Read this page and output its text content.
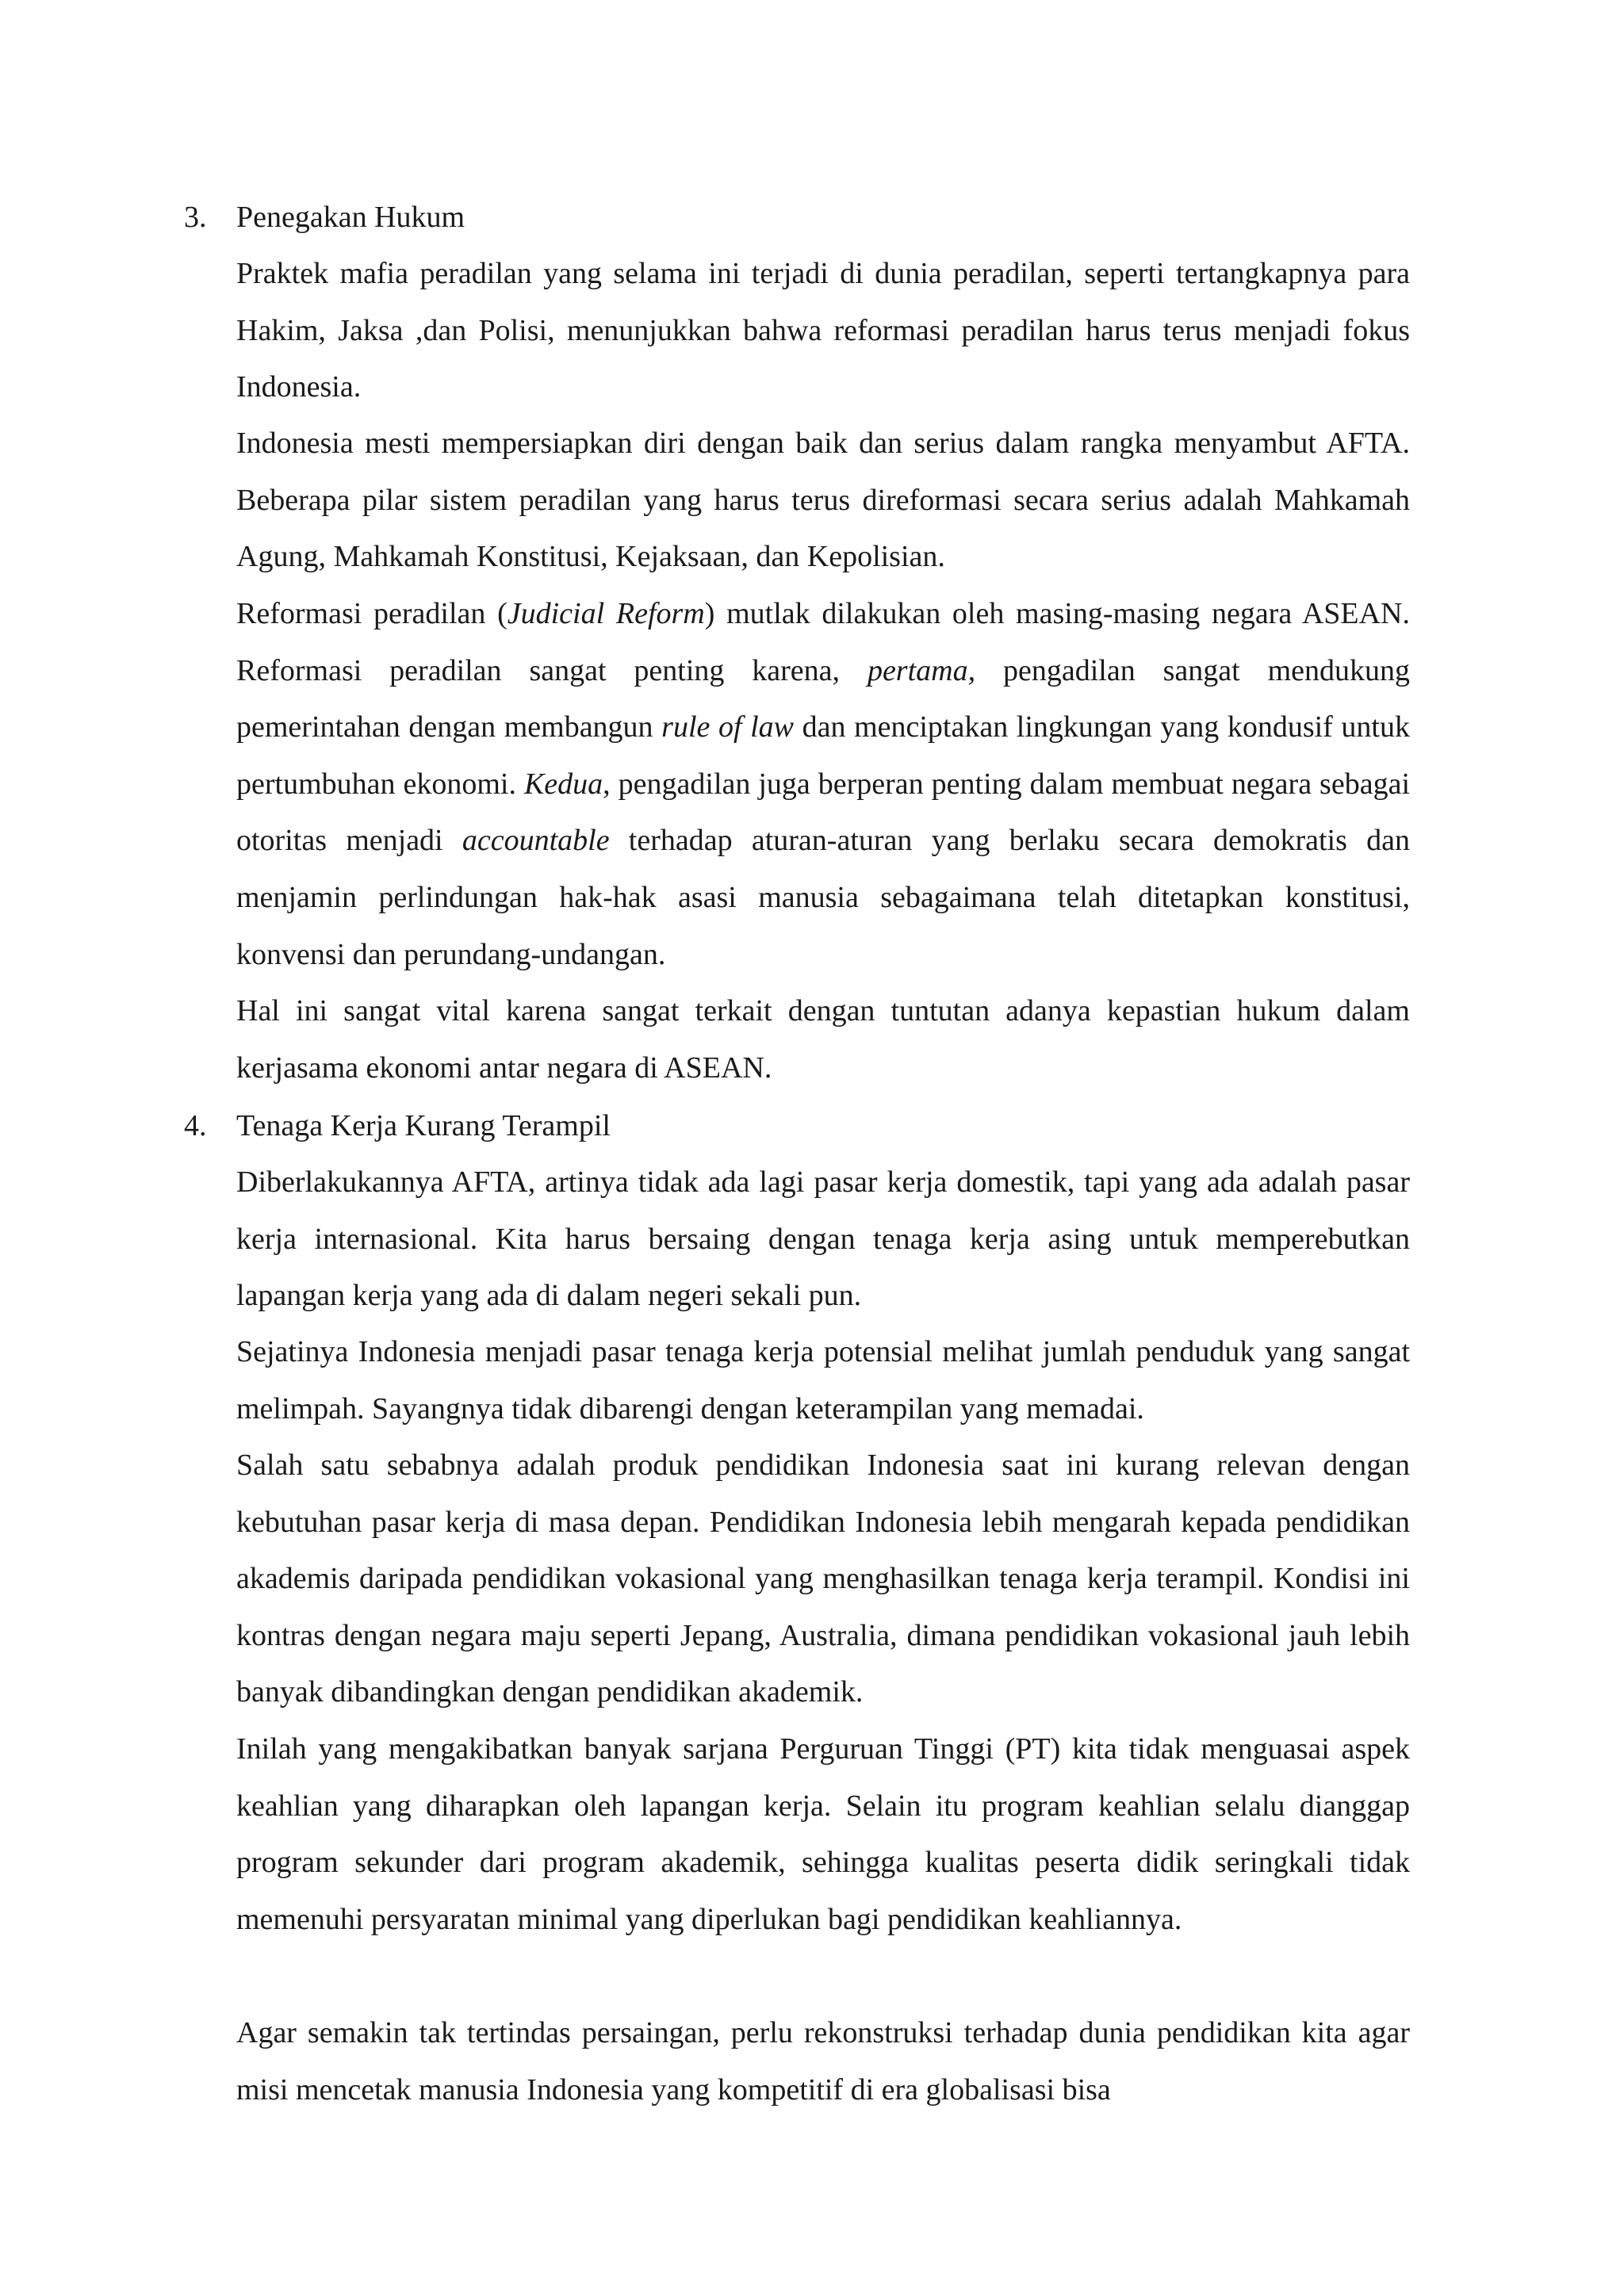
3. Penegakan Hukum

Praktek mafia peradilan yang selama ini terjadi di dunia peradilan, seperti tertangkapnya para Hakim, Jaksa ,dan Polisi, menunjukkan bahwa reformasi peradilan harus terus menjadi fokus Indonesia.

Indonesia mesti mempersiapkan diri dengan baik dan serius dalam rangka menyambut AFTA. Beberapa pilar sistem peradilan yang harus terus direformasi secara serius adalah Mahkamah Agung, Mahkamah Konstitusi, Kejaksaan, dan Kepolisian.

Reformasi peradilan (Judicial Reform) mutlak dilakukan oleh masing-masing negara ASEAN. Reformasi peradilan sangat penting karena, pertama, pengadilan sangat mendukung pemerintahan dengan membangun rule of law dan menciptakan lingkungan yang kondusif untuk pertumbuhan ekonomi. Kedua, pengadilan juga berperan penting dalam membuat negara sebagai otoritas menjadi accountable terhadap aturan-aturan yang berlaku secara demokratis dan menjamin perlindungan hak-hak asasi manusia sebagaimana telah ditetapkan konstitusi, konvensi dan perundang-undangan.

Hal ini sangat vital karena sangat terkait dengan tuntutan adanya kepastian hukum dalam kerjasama ekonomi antar negara di ASEAN.

4. Tenaga Kerja Kurang Terampil

Diberlakukannya AFTA, artinya tidak ada lagi pasar kerja domestik, tapi yang ada adalah pasar kerja internasional. Kita harus bersaing dengan tenaga kerja asing untuk memperebutkan lapangan kerja yang ada di dalam negeri sekali pun.

Sejatinya Indonesia menjadi pasar tenaga kerja potensial melihat jumlah penduduk yang sangat melimpah. Sayangnya tidak dibarengi dengan keterampilan yang memadai.

Salah satu sebabnya adalah produk pendidikan Indonesia saat ini kurang relevan dengan kebutuhan pasar kerja di masa depan. Pendidikan Indonesia lebih mengarah kepada pendidikan akademis daripada pendidikan vokasional yang menghasilkan tenaga kerja terampil. Kondisi ini kontras dengan negara maju seperti Jepang, Australia, dimana pendidikan vokasional jauh lebih banyak dibandingkan dengan pendidikan akademik.

Inilah yang mengakibatkan banyak sarjana Perguruan Tinggi (PT) kita tidak menguasai aspek keahlian yang diharapkan oleh lapangan kerja. Selain itu program keahlian selalu dianggap program sekunder dari program akademik, sehingga kualitas peserta didik seringkali tidak memenuhi persyaratan minimal yang diperlukan bagi pendidikan keahliannya.

Agar semakin tak tertindas persaingan, perlu rekonstruksi terhadap dunia pendidikan kita agar misi mencetak manusia Indonesia yang kompetitif di era globalisasi bisa
